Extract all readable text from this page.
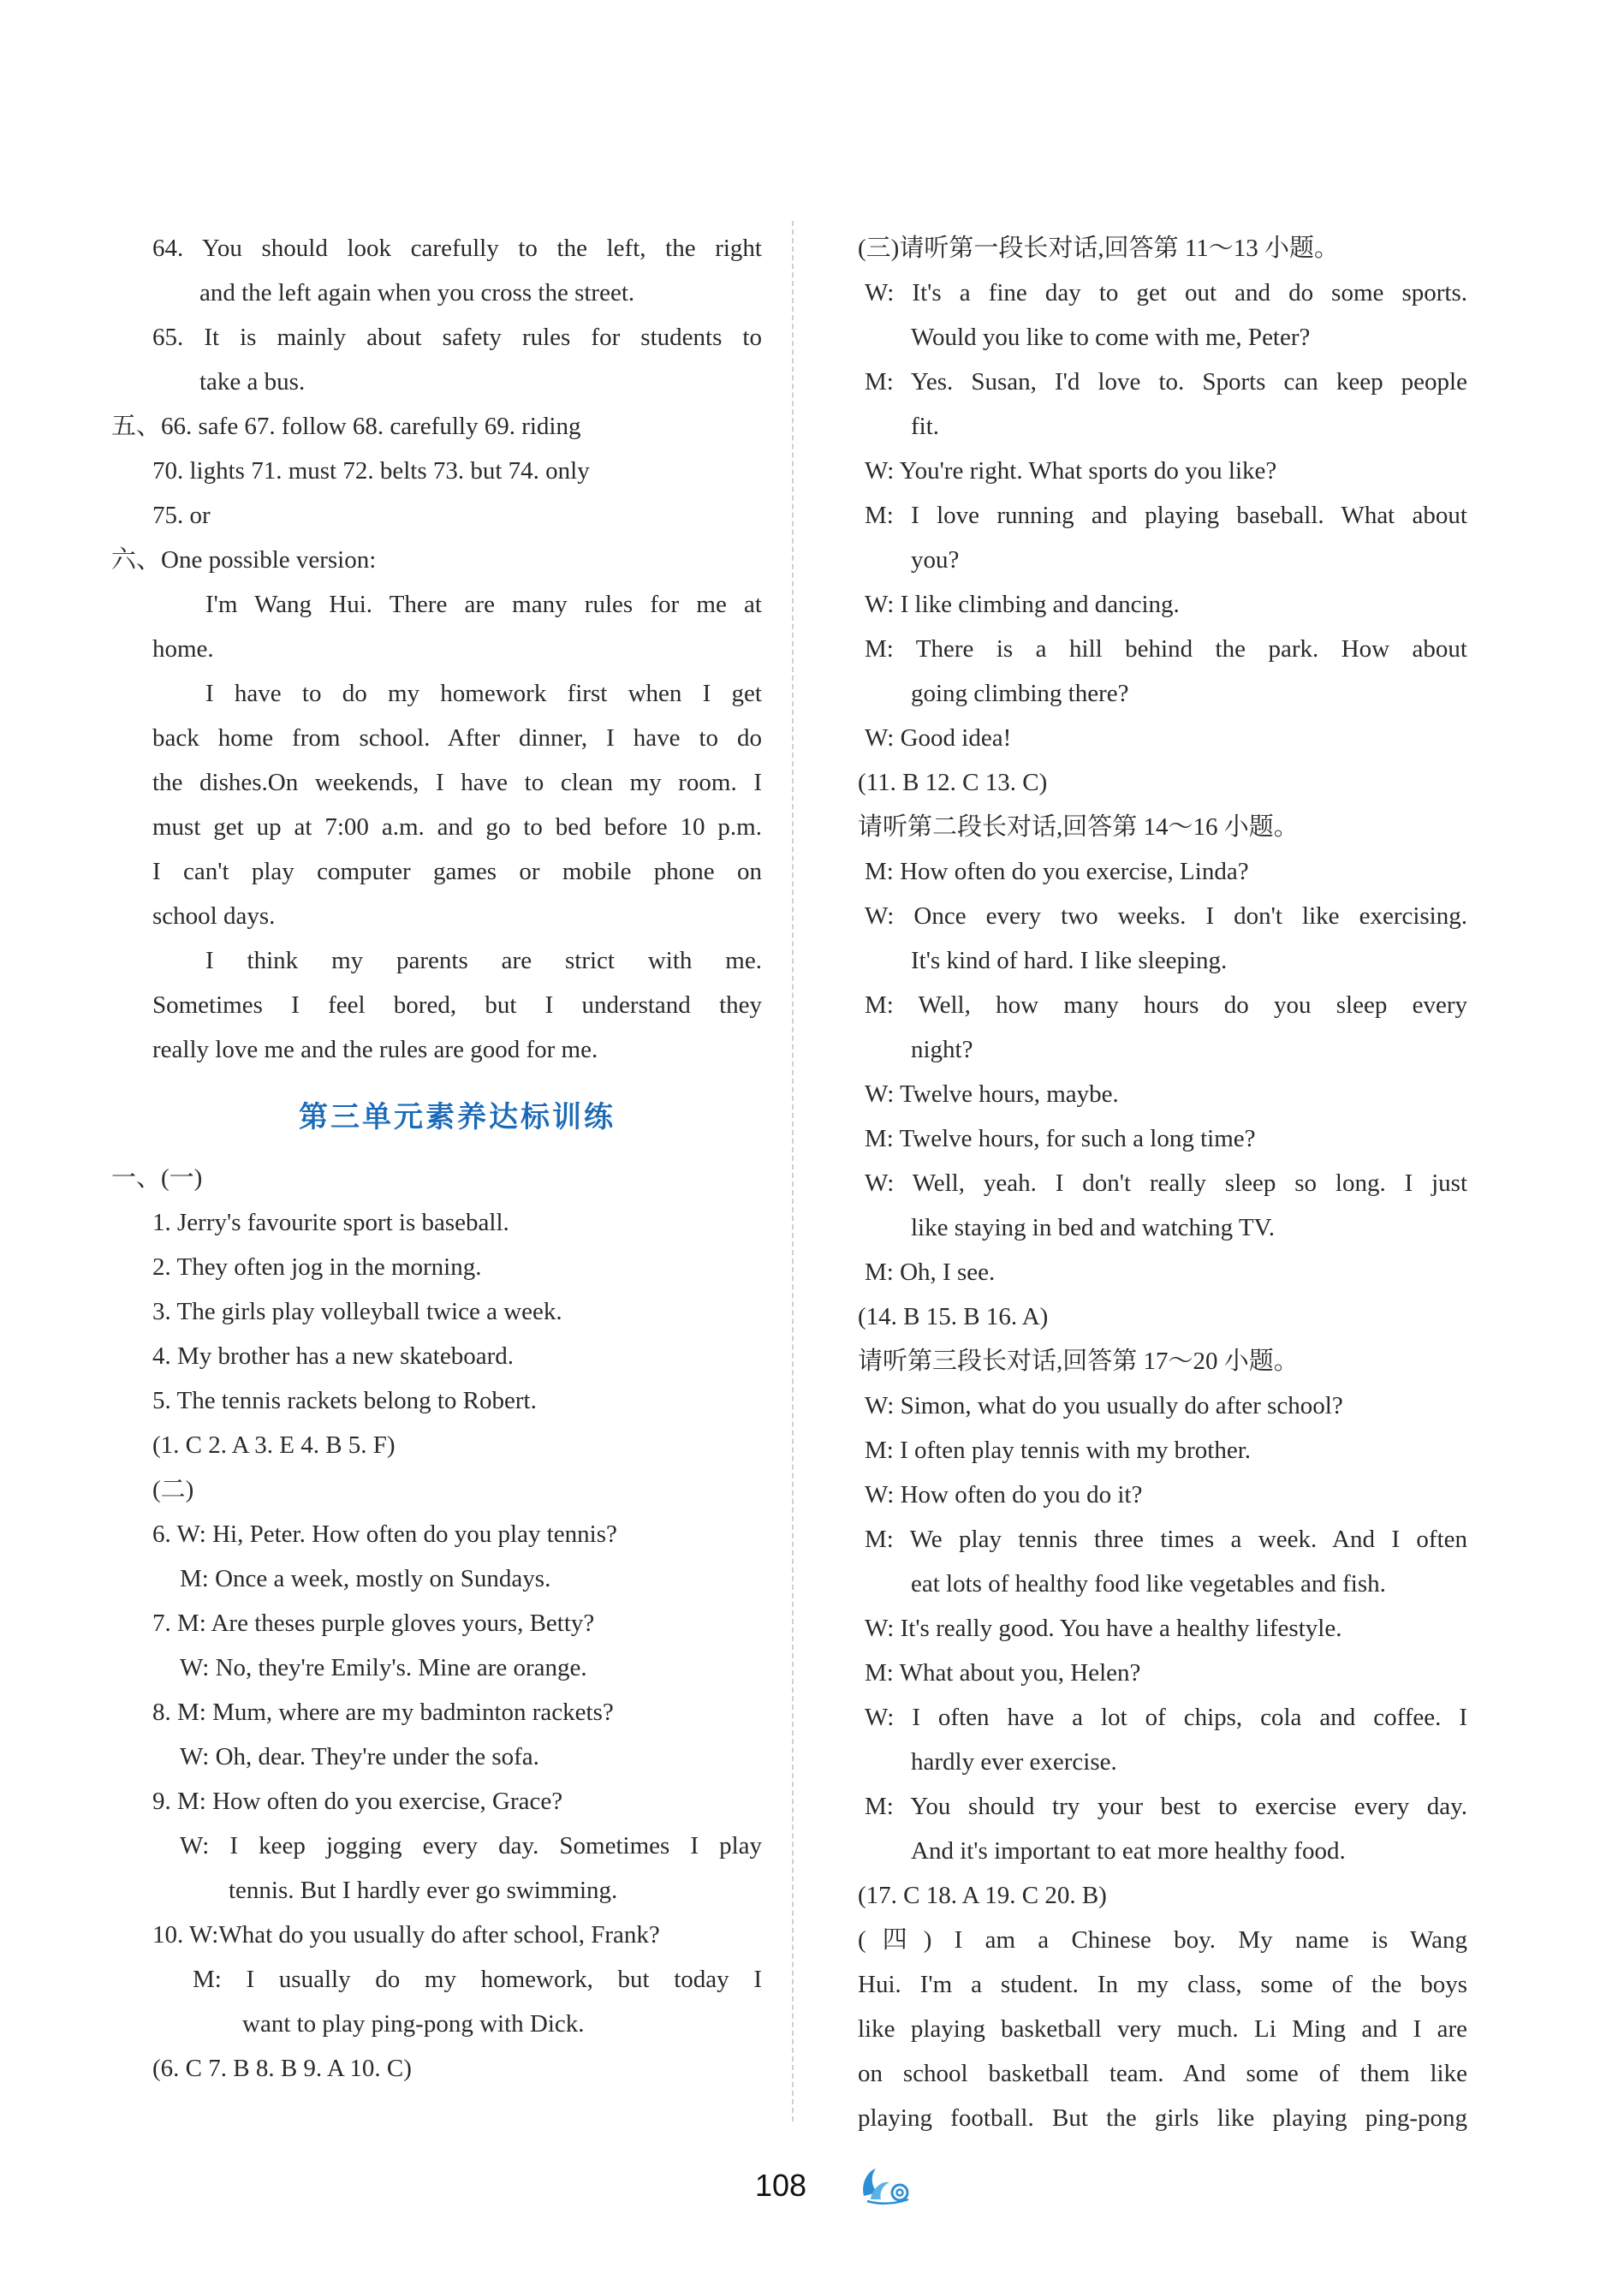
64. You should look carefully to the left, the right
and the left again when you cross the street.
65. It is mainly about safety rules for students to
take a bus.
五、66. safe 67. follow 68. carefully 69. riding
70. lights 71. must 72. belts 73. but 74. only
75. or
六、One possible version:
I'm Wang Hui. There are many rules for me at
home.
I have to do my homework first when I get
back home from school. After dinner, I have to do
the dishes.On weekends, I have to clean my room. I
must get up at 7:00 a.m. and go to bed before 10 p.m.
I can't play computer games or mobile phone on
school days.
I think my parents are strict with me.
Sometimes I feel bored, but I understand they
really love me and the rules are good for me.
第三单元素养达标训练
一、(一)
1. Jerry's favourite sport is baseball.
2. They often jog in the morning.
3. The girls play volleyball twice a week.
4. My brother has a new skateboard.
5. The tennis rackets belong to Robert.
(1. C 2. A 3. E 4. B 5. F)
(二)
6. W: Hi, Peter. How often do you play tennis?
M: Once a week, mostly on Sundays.
7. M: Are theses purple gloves yours, Betty?
W: No, they're Emily's. Mine are orange.
8. M: Mum, where are my badminton rackets?
W: Oh, dear. They're under the sofa.
9. M: How often do you exercise, Grace?
W: I keep jogging every day. Sometimes I play
tennis. But I hardly ever go swimming.
10. W:What do you usually do after school, Frank?
M: I usually do my homework, but today I
want to play ping-pong with Dick.
(6. C 7. B 8. B 9. A 10. C)
(三)请听第一段长对话,回答第 11～13 小题。
W: It's a fine day to get out and do some sports.
Would you like to come with me, Peter?
M: Yes. Susan, I'd love to. Sports can keep people
fit.
W: You're right. What sports do you like?
M: I love running and playing baseball. What about
you?
W: I like climbing and dancing.
M: There is a hill behind the park. How about
going climbing there?
W: Good idea!
(11. B 12. C 13. C)
请听第二段长对话,回答第 14～16 小题。
M: How often do you exercise, Linda?
W: Once every two weeks. I don't like exercising.
It's kind of hard. I like sleeping.
M: Well, how many hours do you sleep every
night?
W: Twelve hours, maybe.
M: Twelve hours, for such a long time?
W: Well, yeah. I don't really sleep so long. I just
like staying in bed and watching TV.
M: Oh, I see.
(14. B 15. B 16. A)
请听第三段长对话,回答第 17～20 小题。
W: Simon, what do you usually do after school?
M: I often play tennis with my brother.
W: How often do you do it?
M: We play tennis three times a week. And I often
eat lots of healthy food like vegetables and fish.
W: It's really good. You have a healthy lifestyle.
M: What about you, Helen?
W: I often have a lot of chips, cola and coffee. I
hardly ever exercise.
M: You should try your best to exercise every day.
And it's important to eat more healthy food.
(17. C 18. A 19. C 20. B)
(四) I am a Chinese boy. My name is Wang
Hui. I'm a student. In my class, some of the boys
like playing basketball very much. Li Ming and I are
on school basketball team. And some of them like
playing football. But the girls like playing ping-pong
108
